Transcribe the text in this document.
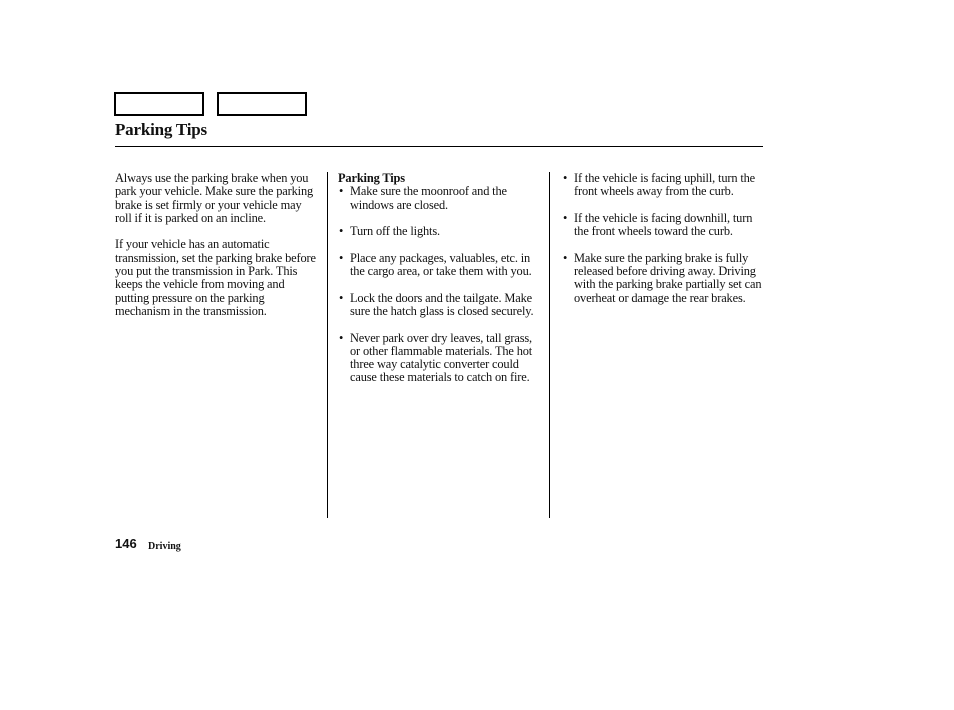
Parking Tips

Always use the parking brake when you park your vehicle. Make sure the parking brake is set firmly or your vehicle may roll if it is parked on an incline.

If your vehicle has an automatic transmission, set the parking brake before you put the transmission in Park. This keeps the vehicle from moving and putting pressure on the parking mechanism in the transmission.

Parking Tips

• Make sure the moonroof and the windows are closed.
• Turn off the lights.
• Place any packages, valuables, etc. in the cargo area, or take them with you.
• Lock the doors and the tailgate. Make sure the hatch glass is closed securely.
• Never park over dry leaves, tall grass, or other flammable materials. The hot three way catalytic converter could cause these materials to catch on fire.
• If the vehicle is facing uphill, turn the front wheels away from the curb.
• If the vehicle is facing downhill, turn the front wheels toward the curb.
• Make sure the parking brake is fully released before driving away. Driving with the parking brake partially set can overheat or damage the rear brakes.
146 Driving
